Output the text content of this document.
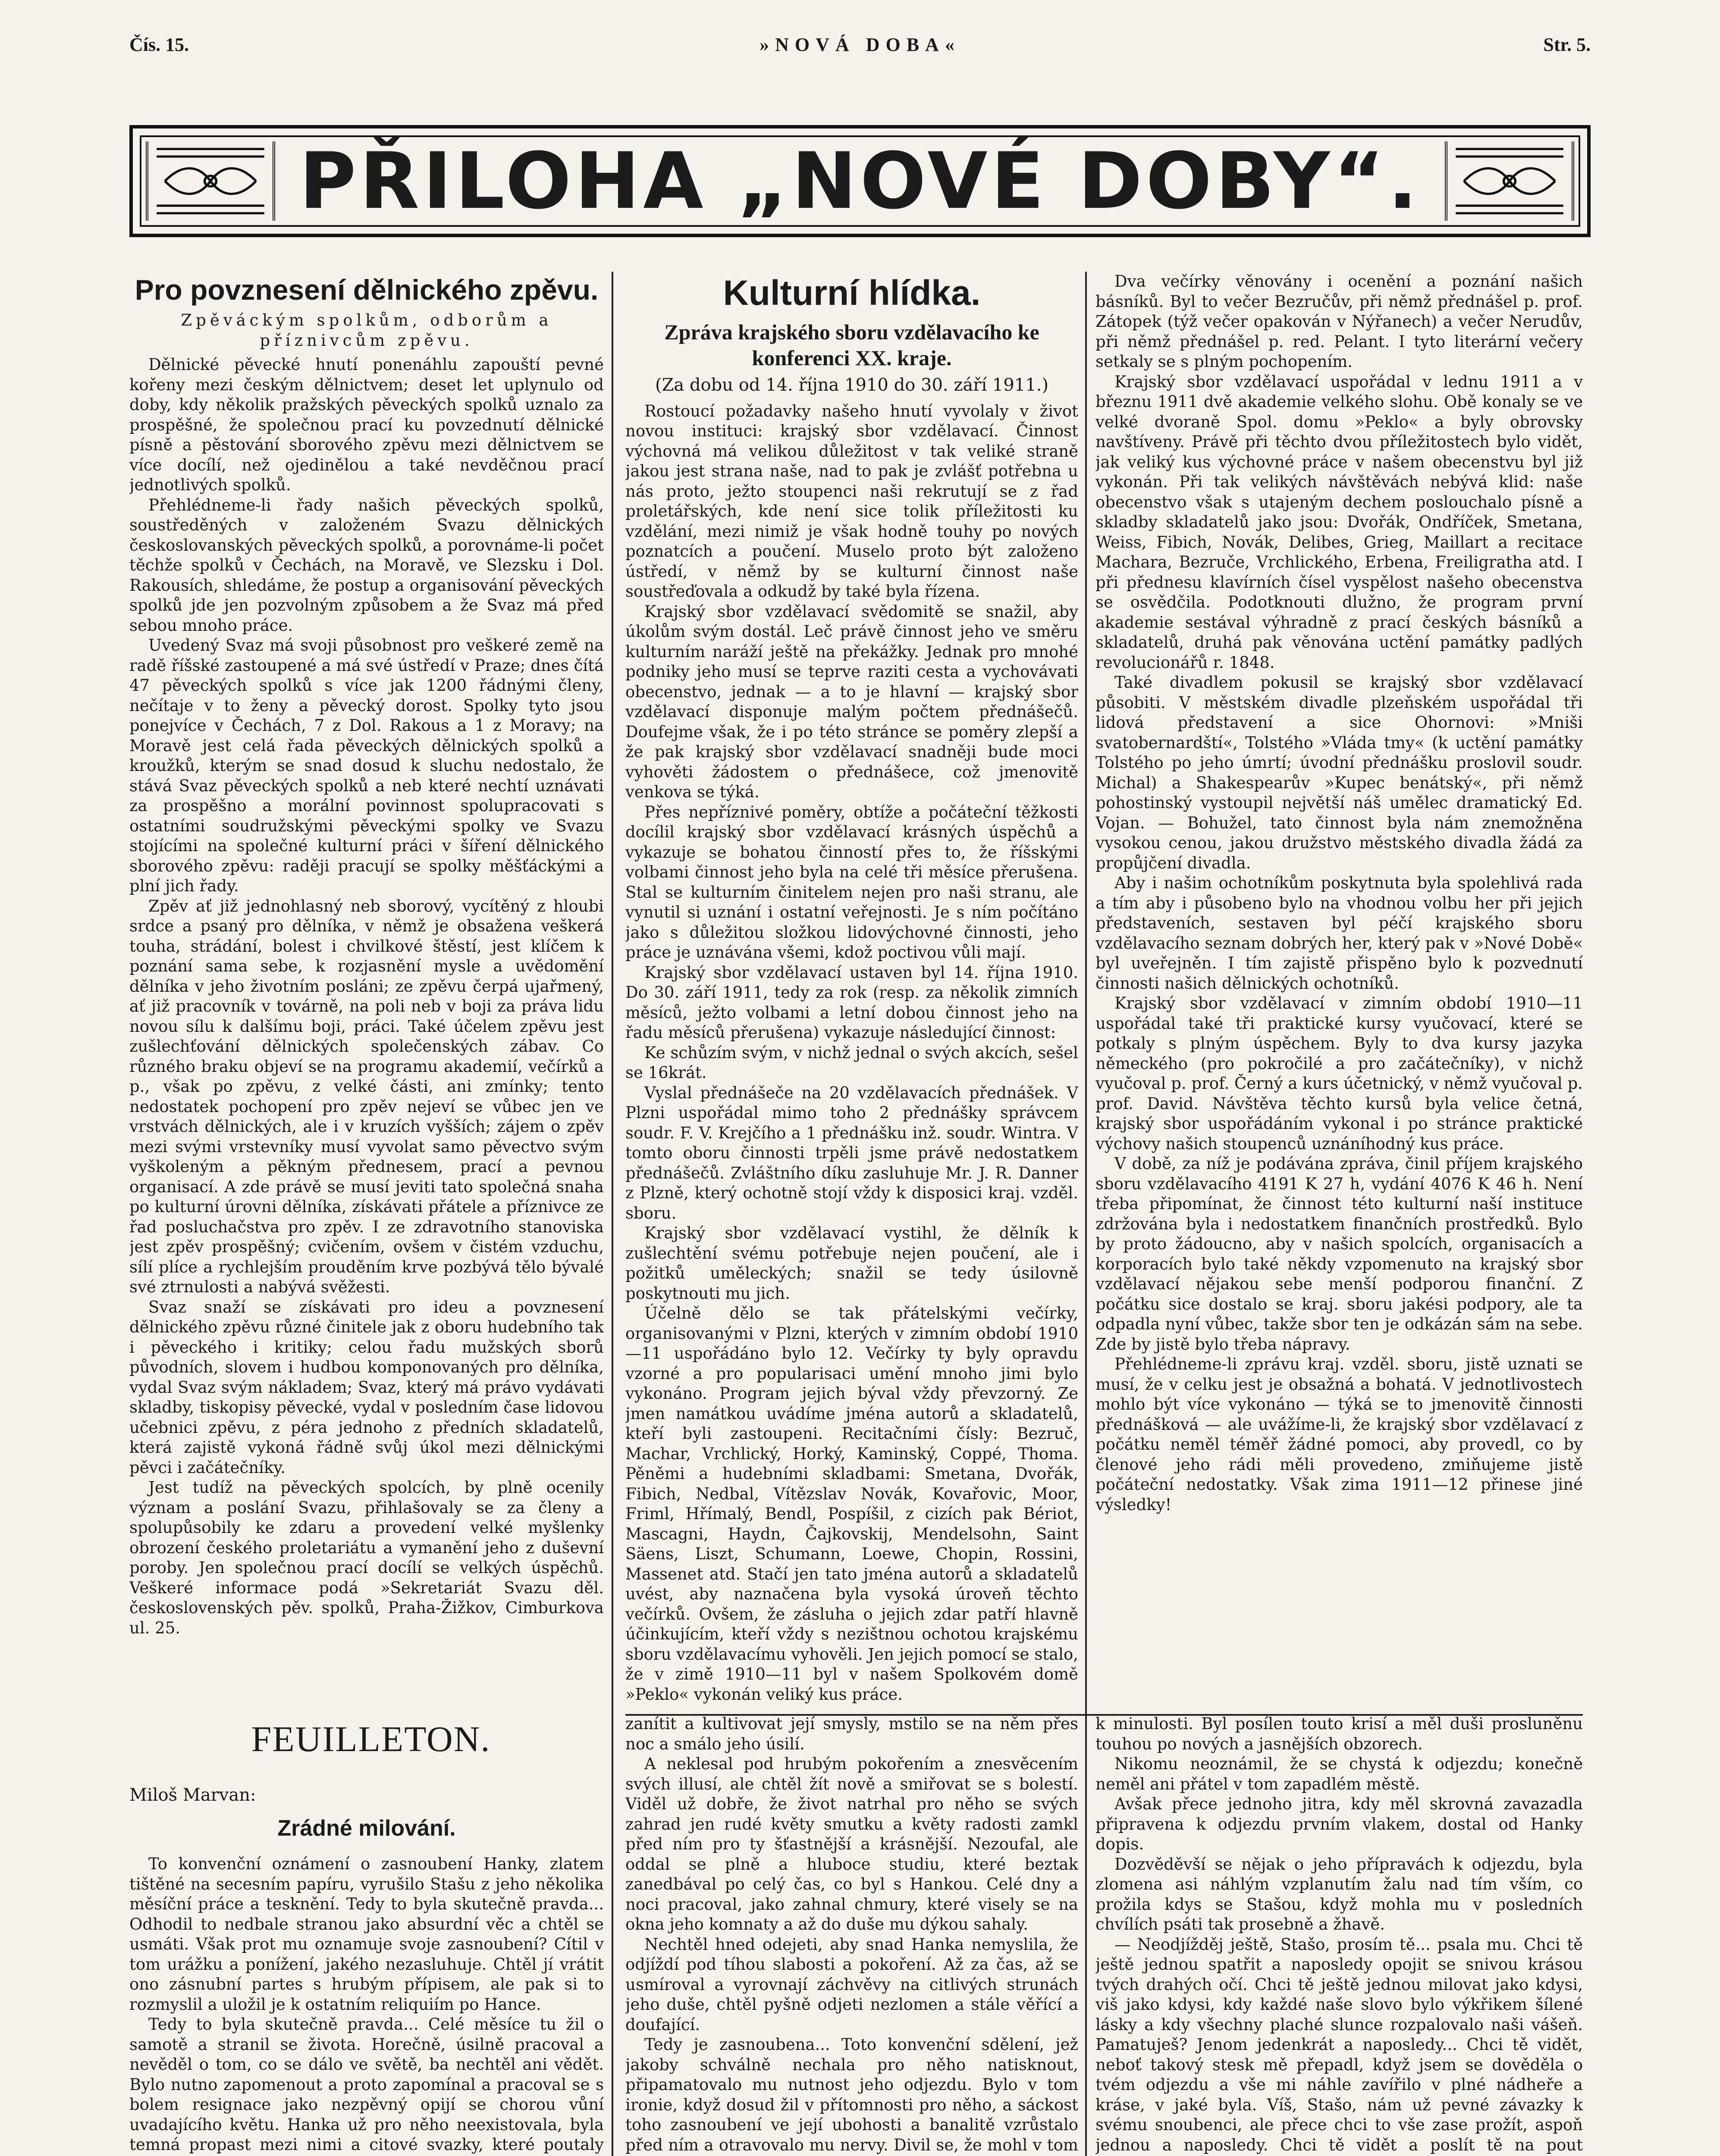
Čís. 15.	»NOVÁ DOBA«	Str. 5.
PŘILOHA „NOVÉ DOBY“.
Pro povznesení dělnického zpěvu.
Zpěváckým spolkům, odborům a příznivcům zpěvu.

Dělnické pěvecké hnutí ponenáhlu zapouští pevné kořeny mezi českým dělnictvem; deset let uplynulo od doby, kdy několik pražských pěveckých spolků uznalo za prospěšné, že společnou prací ku povzednutí dělnické písně a pěstování sborového zpěvu mezi dělnictvem se více docílí, než ojedinělou a také nevděčnou prací jednotlivých spolků.

Přehlédneme-li řady našich pěveckých spolků, soustředěných v založeném Svazu dělnických českoslovanských pěveckých spolků, a porovnáme-li počet těchže spolků v Čechách, na Moravě, ve Slezsku i Dol. Rakousích, shledáme, že postup a organisování pěveckých spolků jde jen pozvolným způsobem a že Svaz má před sebou mnoho práce.

Uvedený Svaz má svoji působnost pro veškeré země na radě říšské zastoupené a má své ústředí v Praze; dnes čítá 47 pěveckých spolků s více jak 1200 řádnými členy, nečítaje v to ženy a pěvecký dorost. Spolky tyto jsou ponejvíce v Čechách, 7 z Dol. Rakous a 1 z Moravy; na Moravě jest celá řada pěveckých dělnických spolků a kroužků, kterým se snad dosud k sluchu nedostalo, že stává Svaz pěveckých spolků a neb které nechtí uznávati za prospěšno a morální povinnost spolupracovati s ostatními soudružskými pěveckými spolky ve Svazu stojícími na společné kulturní práci v šíření dělnického sborového zpěvu: raději pracují se spolky měšťáckými a plní jich řady.

Zpěv ať již jednohlasný neb sborový, vycítěný z hloubi srdce a psaný pro dělníka, v němž je obsažena veškerá touha, strádání, bolest i chvilkové štěstí, jest klíčem k poznání sama sebe, k rozjasnění mysle a uvědomění dělníka v jeho životním posláni; ze zpěvu čerpá ujařmený, ať již pracovník v továrně, na poli neb v boji za práva lidu novou sílu k dalšímu boji, práci. Také účelem zpěvu jest zušlechťování dělnických společenských zábav. Co různého braku objeví se na programu akademií, večírků a p., však po zpěvu, z velké části, ani zmínky; tento nedostatek pochopení pro zpěv nejeví se vůbec jen ve vrstvách dělnických, ale i v kruzích vyšších; zájem o zpěv mezi svými vrstevníky musí vyvolat samo pěvectvo svým vyškoleným a pěkným přednesem, prací a pevnou organisací. A zde právě se musí jeviti tato společná snaha po kulturní úrovni dělníka, získávati přátele a příznivce ze řad posluchačstva pro zpěv. I ze zdravotního stanoviska jest zpěv prospěšný; cvičením, ovšem v čistém vzduchu, sílí plíce a rychlejším prouděním krve pozbývá tělo bývalé své ztrnulosti a nabývá svěžesti.

Svaz snaží se získávati pro ideu a povznesení dělnického zpěvu různé činitele jak z oboru hudebního tak i pěveckého i kritiky; celou řadu mužských sborů původních, slovem i hudbou komponovaných pro dělníka, vydal Svaz svým nákladem; Svaz, který má právo vydávati skladby, tiskopisy pěvecké, vydal v posledním čase lidovou učebnici zpěvu, z péra jednoho z předních skladatelů, která zajistě vykoná řádně svůj úkol mezi dělnickými pěvci i začátečníky.

Jest tudíž na pěveckých spolcích, by plně ocenily význam a poslání Svazu, přihlašovaly se za členy a spolupůsobily ke zdaru a provedení velké myšlenky obrození českého proletariátu a vymanění jeho z duševní poroby. Jen společnou prací docílí se velkých úspěchů. Veškeré informace podá »Sekretariát Svazu děl. československých pěv. spolků, Praha-Žižkov, Cimburkova ul. 25.

Kulturní hlídka.
Zpráva krajského sboru vzdělavacího ke konferenci XX. kraje.
(Za dobu od 14. října 1910 do 30. září 1911.)

Rostoucí požadavky našeho hnutí vyvolaly v život novou instituci: krajský sbor vzdělavací. Činnost výchovná má velikou důležitost v tak veliké straně jakou jest strana naše, nad to pak je zvlášť potřebna u nás proto, ježto stoupenci naši rekrutují se z řad proletářských, kde není sice tolik příležitosti ku vzdělání, mezi nimiž je však hodně touhy po nových poznatcích a poučení. Muselo proto být založeno ústředí, v němž by se kulturní činnost naše soustřeďovala a odkudž by také byla řízena.

Krajský sbor vzdělavací svědomitě se snažil, aby úkolům svým dostál. Leč právě činnost jeho ve směru kulturním naráží ještě na překážky. Jednak pro mnohé podniky jeho musí se teprve raziti cesta a vychovávati obecenstvo, jednak — a to je hlavní — krajský sbor vzdělavací disponuje malým počtem přednášečů. Doufejme však, že i po této stránce se poměry zlepší a že pak krajský sbor vzdělavací snadněji bude moci vyhověti žádostem o přednášece, což jmenovitě venkova se týká.

Přes nepříznivé poměry, obtíže a počáteční těžkosti docílil krajský sbor vzdělavací krásných úspěchů a vykazuje se bohatou činností přes to, že říšskými volbami činnost jeho byla na celé tři měsíce přerušena. Stal se kulturním činitelem nejen pro naši stranu, ale vynutil si uznání i ostatní veřejnosti. Je s ním počítáno jako s důležitou složkou lidovýchovné činnosti, jeho práce je uznávána všemi, kdož poctivou vůli mají.

Krajský sbor vzdělavací ustaven byl 14. října 1910. Do 30. září 1911, tedy za rok (resp. za několik zimních měsíců, ježto volbami a letní dobou činnost jeho na řadu měsíců přerušena) vykazuje následující činnost:

Ke schůzím svým, v nichž jednal o svých akcích, sešel se 16krát.

Vyslal přednášeče na 20 vzdělavacích přednášek. V Plzni uspořádal mimo toho 2 přednášky správcem soudr. F. V. Krejčího a 1 přednášku inž. soudr. Wintra. V tomto oboru činnosti trpěli jsme právě nedostatkem přednášečů. Zvláštního díku zasluhuje Mr. J. R. Danner z Plzně, který ochotně stojí vždy k disposici kraj. vzděl. sboru.

Krajský sbor vzdělavací vystihl, že dělník k zušlechtění svému potřebuje nejen poučení, ale i požitků uměleckých; snažil se tedy úsilovně poskytnouti mu jich.

Účelně dělo se tak přátelskými večírky, organisovanými v Plzni, kterých v zimním období 1910—11 uspořádáno bylo 12. Večírky ty byly opravdu vzorné a pro popularisaci umění mnoho jimi bylo vykonáno. Program jejich býval vždy převzorný. Ze jmen namátkou uvádíme jména autorů a skladatelů, kteří byli zastoupeni. Recitačními čísly: Bezruč, Machar, Vrchlický, Horký, Kaminský, Coppé, Thoma. Pěněmi a hudebními skladbami: Smetana, Dvořák, Fibich, Nedbal, Vítězslav Novák, Kovařovic, Moor, Friml, Hřímalý, Bendl, Pospíšil, z cizích pak Bériot, Mascagni, Haydn, Čajkovskij, Mendelsohn, Saint Säens, Liszt, Schumann, Loewe, Chopin, Rossini, Massenet atd. Stačí jen tato jména autorů a skladatelů uvést, aby naznačena byla vysoká úroveň těchto večírků. Ovšem, že zásluha o jejich zdar patří hlavně účinkujícím, kteří vždy s nezištnou ochotou krajskému sboru vzdělavacímu vyhověli. Jen jejich pomocí se stalo, že v zimě 1910—11 byl v našem Spolkovém domě »Peklo« vykonán veliký kus práce.

Dva večírky věnovány i ocenění a poznání našich básníků. Byl to večer Bezručův, při němž přednášel p. prof. Zátopek (týž večer opakován v Nýřanech) a večer Nerudův, při němž přednášel p. red. Pelant. I tyto literární večery setkaly se s plným pochopením.

Krajský sbor vzdělavací uspořádal v lednu 1911 a v březnu 1911 dvě akademie velkého slohu. Obě konaly se ve velké dvoraně Spol. domu »Peklo« a byly obrovsky navštíveny. Právě při těchto dvou příležitostech bylo vidět, jak veliký kus výchovné práce v našem obecenstvu byl již vykonán. Při tak velikých návštěvách nebývá klid: naše obecenstvo však s utajeným dechem poslouchalo písně a skladby skladatelů jako jsou: Dvořák, Ondříček, Smetana, Weiss, Fibich, Novák, Delibes, Grieg, Maillart a recitace Machara, Bezruče, Vrchlického, Erbena, Freiligratha atd. I při přednesu klavírních čísel vyspělost našeho obecenstva se osvědčila. Podotknouti dlužno, že program první akademie sestával výhradně z prací českých básníků a skladatelů, druhá pak věnována uctění památky padlých revolucionářů r. 1848.

Také divadlem pokusil se krajský sbor vzdělavací působiti. V městském divadle plzeňském uspořádal tři lidová představení a sice Ohornovi: »Mniši svatobernardští«, Tolstého »Vláda tmy« (k uctění památky Tolstého po jeho úmrtí; úvodní přednášku proslovil soudr. Michal) a Shakespearův »Kupec benátský«, při němž pohostinský vystoupil největší náš umělec dramatický Ed. Vojan. — Bohužel, tato činnost byla nám znemožněna vysokou cenou, jakou družstvo městského divadla žádá za propůjčení divadla.

Aby i našim ochotníkům poskytnuta byla spolehlivá rada a tím aby i působeno bylo na vhodnou volbu her při jejich představeních, sestaven byl péčí krajského sboru vzdělavacího seznam dobrých her, který pak v »Nové Době« byl uveřejněn. I tím zajistě přispěno bylo k pozvednutí činnosti našich dělnických ochotníků.

Krajský sbor vzdělavací v zimním období 1910—11 uspořádal také tři praktické kursy vyučovací, které se potkaly s plným úspěchem. Byly to dva kursy jazyka německého (pro pokročilé a pro začátečníky), v nichž vyučoval p. prof. Černý a kurs účetnický, v němž vyučoval p. prof. David. Návštěva těchto kursů byla velice četná, krajský sbor uspořádáním vykonal i po stránce praktické výchovy našich stoupenců uznáníhodný kus práce.

V době, za níž je podávána zpráva, činil příjem krajského sboru vzdělavacího 4191 K 27 h, vydání 4076 K 46 h. Není třeba připomínat, že činnost této kulturní naší instituce zdržována byla i nedostatkem finančních prostředků. Bylo by proto žádoucno, aby v našich spolcích, organisacích a korporacích bylo také někdy vzpomenuto na krajský sbor vzdělavací nějakou sebe menší podporou finanční. Z počátku sice dostalo se kraj. sboru jakési podpory, ale ta odpadla nyní vůbec, takže sbor ten je odkázán sám na sebe. Zde by jistě bylo třeba nápravy.

Přehlédneme-li zprávu kraj. vzděl. sboru, jistě uznati se musí, že v celku jest je obsažná a bohatá. V jednotlivostech mohlo být více vykonáno — týká se to jmenovitě činnosti přednášková — ale uvážíme-li, že krajský sbor vzdělavací z počátku neměl téměř žádné pomoci, aby provedl, co by členové jeho rádi měli provedeno, zmiňujeme jistě počáteční nedostatky. Však zima 1911—12 přinese jiné výsledky!

FEUILLETON.
Miloš Marvan:
Zrádné milování.

To konvenční oznámení o zasnoubení Hanky, zlatem tištěné na secesním papíru, vyrušilo Stašu z jeho několika měsíční práce a tesknění. Tedy to byla skutečně pravda... Odhodil to nedbale stranou jako absurdní věc a chtěl se usmáti. Však prot mu oznamuje svoje zasnoubení? Cítil v tom urážku a ponížení, jakého nezasluhuje. Chtěl jí vrátit ono zásnubní partes s hrubým přípisem, ale pak si to rozmyslil a uložil je k ostatním reliquiím po Hance.

Tedy to byla skutečně pravda... Celé měsíce tu žil o samotě a stranil se života. Horečně, úsilně pracoval a nevěděl o tom, co se dálo ve světě, ba nechtěl ani vědět. Bylo nutno zapomenout a proto zapomínal a pracoval se s bolem resignace jako nezpěvný opijí se chorou vůní uvadajícího květu. Hanka už pro něho neexistovala, byla temná propast mezi nimi a citové svazky, které poutaly

zanítit a kultivovat její smysly, mstilo se na něm přes noc a smálo jeho úsilí.

A neklesal pod hrubým pokořením a znesvěcením svých illusí, ale chtěl žít nově a smiřovat se s bolestí. Viděl už dobře, že život natrhal pro něho se svých zahrad jen rudé květy smutku a květy radosti zamkl před ním pro ty šťastnější a krásnější. Nezoufal, ale oddal se plně a hluboce studiu, které beztak zanedbával po celý čas, co byl s Hankou. Celé dny a noci pracoval, jako zahnal chmury, které visely se na okna jeho komnaty a až do duše mu dýkou sahaly.

Nechtěl hned odejeti, aby snad Hanka nemyslila, že odjíždí pod tíhou slabosti a pokoření. Až za čas, až se usmíroval a vyrovnají záchvěvy na citlivých strunách jeho duše, chtěl pyšně odjeti nezlomen a stále věřící a doufající.

Tedy je zasnoubena... Toto konvenční sdělení, jež jakoby schválně nechala pro něho natisknout, připamatovalo mu nutnost jeho odjezdu. Bylo v tom ironie, když dosud žil v přítomnosti pro něho, a sáckost toho zasnoubení ve její ubohosti a banalitě vzrůstalo před ním a otravovalo mu nervy. Divil se, že mohl v tom

k minulosti. Byl posílen touto krisí a měl duši prosluněnu touhou po nových a jasnějších obzorech.

Nikomu neoznámil, že se chystá k odjezdu; konečně neměl ani přátel v tom zapadlém městě.

Avšak přece jednoho jitra, kdy měl skrovná zavazadla připravena k odjezdu prvním vlakem, dostal od Hanky dopis.

Dozvěděvší se nějak o jeho přípravách k odjezdu, byla zlomena asi náhlým vzplanutím žalu nad tím vším, co prožila kdys se Stašou, když mohla mu v posledních chvílích psáti tak prosebně a žhavě.

— Neodjížděj ještě, Stašo, prosím tě... psala mu. Chci tě ještě jednou spatřit a naposledy opojit se snivou krásou tvých drahých očí. Chci tě ještě jednou milovat jako kdysi, viš jako kdysi, kdy každé naše slovo bylo výkřikem šílené lásky a kdy všechny plaché slunce rozpalovalo naši vášeň. Pamatuješ? Jenom jedenkrát a naposledy... Chci tě vidět, neboť takový stesk mě přepadl, když jsem se dověděla o tvém odjezdu a vše mi náhle zavířilo v plné nádheře a kráse, v jaké byla. Víš, Stašo, nám už pevné závazky k svému snoubenci, ale přece chci to vše zase prožít, aspoň jednou a naposledy. Chci tě vidět a poslít tě na pout
